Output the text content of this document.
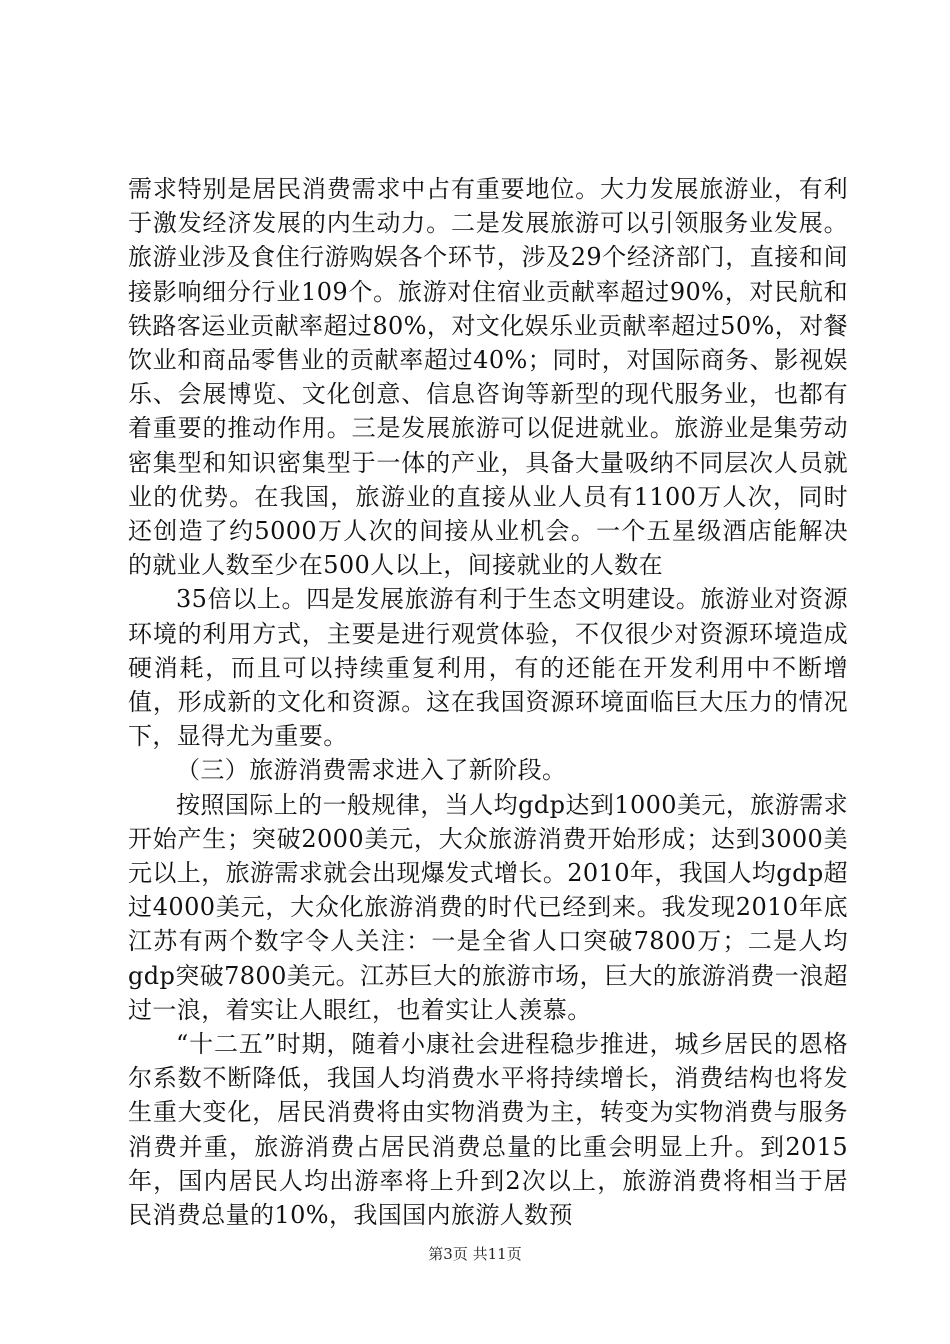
需求特别是居民消费需求中占有重要地位。大力发展旅游业，有利于激发经济发展的内生动力。二是发展旅游可以引领服务业发展。旅游业涉及食住行游购娱各个环节，涉及29个经济部门，直接和间接影响细分行业109个。旅游对住宿业贡献率超过90%，对民航和铁路客运业贡献率超过80%，对文化娱乐业贡献率超过50%，对餐饮业和商品零售业的贡献率超过40%；同时，对国际商务、影视娱乐、会展博览、文化创意、信息咨询等新型的现代服务业，也都有着重要的推动作用。三是发展旅游可以促进就业。旅游业是集劳动密集型和知识密集型于一体的产业，具备大量吸纳不同层次人员就业的优势。在我国，旅游业的直接从业人员有1100万人次，同时还创造了约5000万人次的间接从业机会。一个五星级酒店能解决的就业人数至少在500人以上，间接就业的人数在

35倍以上。四是发展旅游有利于生态文明建设。旅游业对资源环境的利用方式，主要是进行观赏体验，不仅很少对资源环境造成硬消耗，而且可以持续重复利用，有的还能在开发利用中不断增值，形成新的文化和资源。这在我国资源环境面临巨大压力的情况下，显得尤为重要。

（三）旅游消费需求进入了新阶段。

按照国际上的一般规律，当人均gdp达到1000美元，旅游需求开始产生；突破2000美元，大众旅游消费开始形成；达到3000美元以上，旅游需求就会出现爆发式增长。2010年，我国人均gdp超过4000美元，大众化旅游消费的时代已经到来。我发现2010年底江苏有两个数字令人关注：一是全省人口突破7800万；二是人均gdp突破7800美元。江苏巨大的旅游市场，巨大的旅游消费一浪超过一浪，着实让人眼红，也着实让人羡慕。

“十二五”时期，随着小康社会进程稳步推进，城乡居民的恩格尔系数不断降低，我国人均消费水平将持续增长，消费结构也将发生重大变化，居民消费将由实物消费为主，转变为实物消费与服务消费并重，旅游消费占居民消费总量的比重会明显上升。到2015年，国内居民人均出游率将上升到2次以上，旅游消费将相当于居民消费总量的10%，我国国内旅游人数预

第3页 共11页
